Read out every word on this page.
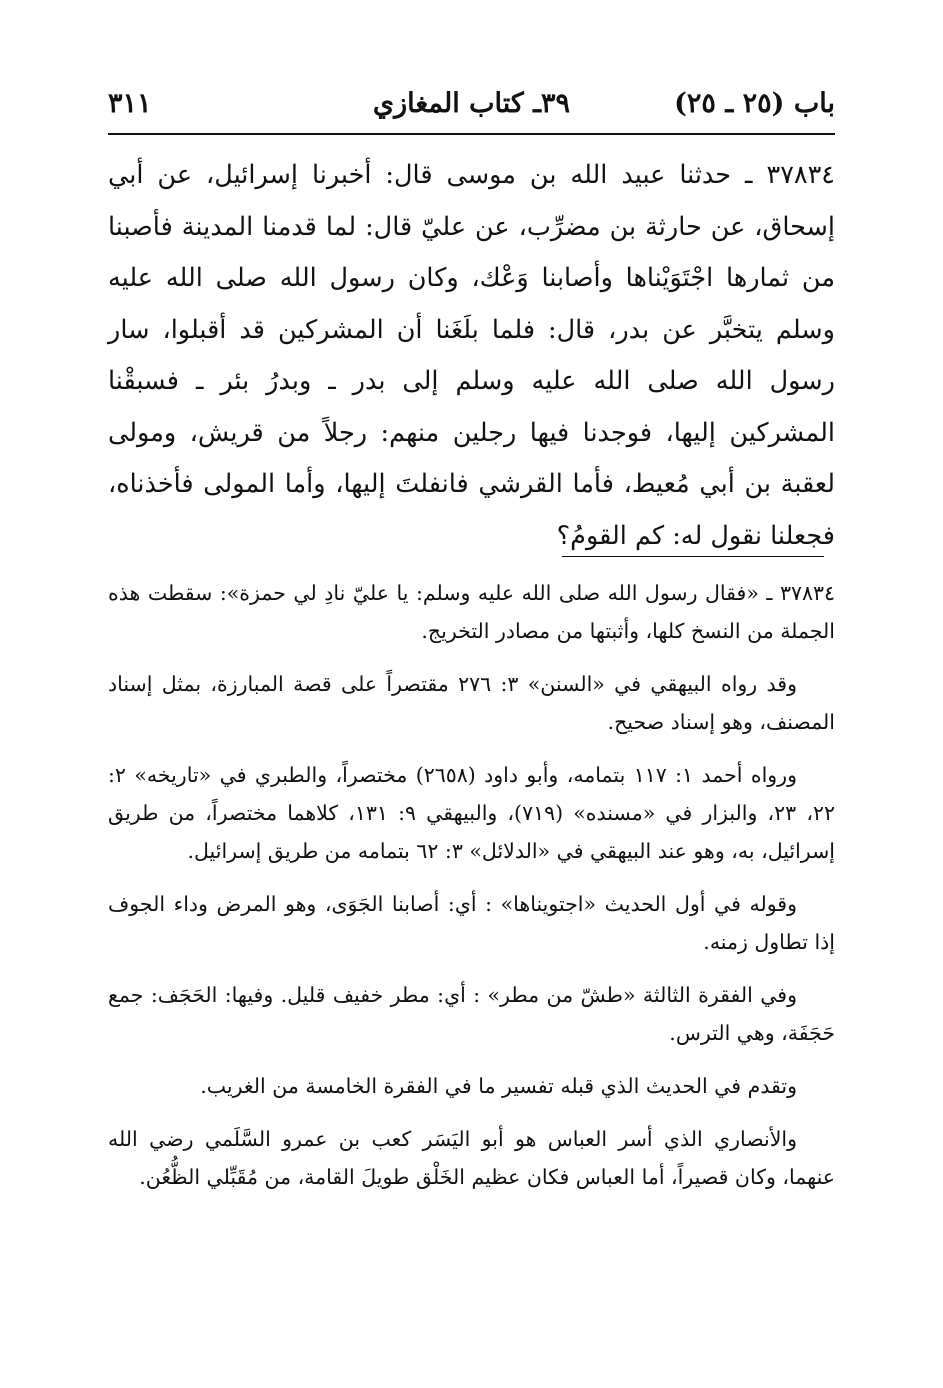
باب (٢٥ ـ ٢٥)
٣٩ـ كتاب المغازي
٣١١

٣٧٨٣٤ ـ حدثنا عبيد الله بن موسى قال: أخبرنا إسرائيل، عن أبي إسحاق، عن حارثة بن مضرِّب، عن عليّ قال: لما قدمنا المدينة فأصبنا من ثمارها اجْتَوَيْناها وأصابنا وَعْك، وكان رسول الله صلى الله عليه وسلم يتخبَّر عن بدر، قال: فلما بلَغَنا أن المشركين قد أقبلوا، سار رسول الله صلى الله عليه وسلم إلى بدر ـ وبدرُ بئر ـ فسبقْنا المشركين إليها، فوجدنا فيها رجلين منهم: رجلاً من قريش، ومولى لعقبة بن أبي مُعيط، فأما القرشي فانفلتَ إليها، وأما المولى فأخذناه، فجعلنا نقول له: كم القومُ؟

٣٧٨٣٤ ـ «فقال رسول الله صلى الله عليه وسلم: يا عليّ نادِ لي حمزة»: سقطت هذه الجملة من النسخ كلها، وأثبتها من مصادر التخريج.

وقد رواه البيهقي في «السنن» ٣: ٢٧٦ مقتصراً على قصة المبارزة، بمثل إسناد المصنف، وهو إسناد صحيح.

ورواه أحمد ١: ١١٧ بتمامه، وأبو داود (٢٦٥٨) مختصراً، والطبري في «تاريخه» ٢: ٢٢، ٢٣، والبزار في «مسنده» (٧١٩)، والبيهقي ٩: ١٣١، كلاهما مختصراً، من طريق إسرائيل، به، وهو عند البيهقي في «الدلائل» ٣: ٦٢ بتمامه من طريق إسرائيل.

وقوله في أول الحديث «اجتويناها» : أي: أصابنا الجَوَى، وهو المرض وداء الجوف إذا تطاول زمنه.

وفي الفقرة الثالثة «طشّ من مطر» : أي: مطر خفيف قليل. وفيها: الحَجَف: جمع حَجَفَة، وهي الترس.

وتقدم في الحديث الذي قبله تفسير ما في الفقرة الخامسة من الغريب.

والأنصاري الذي أسر العباس هو أبو اليَسَر كعب بن عمرو السَّلَمي رضي الله عنهما، وكان قصيراً، أما العباس فكان عظيم الخَلْق طويلَ القامة، من مُقَبِّلي الظُّعُن.
